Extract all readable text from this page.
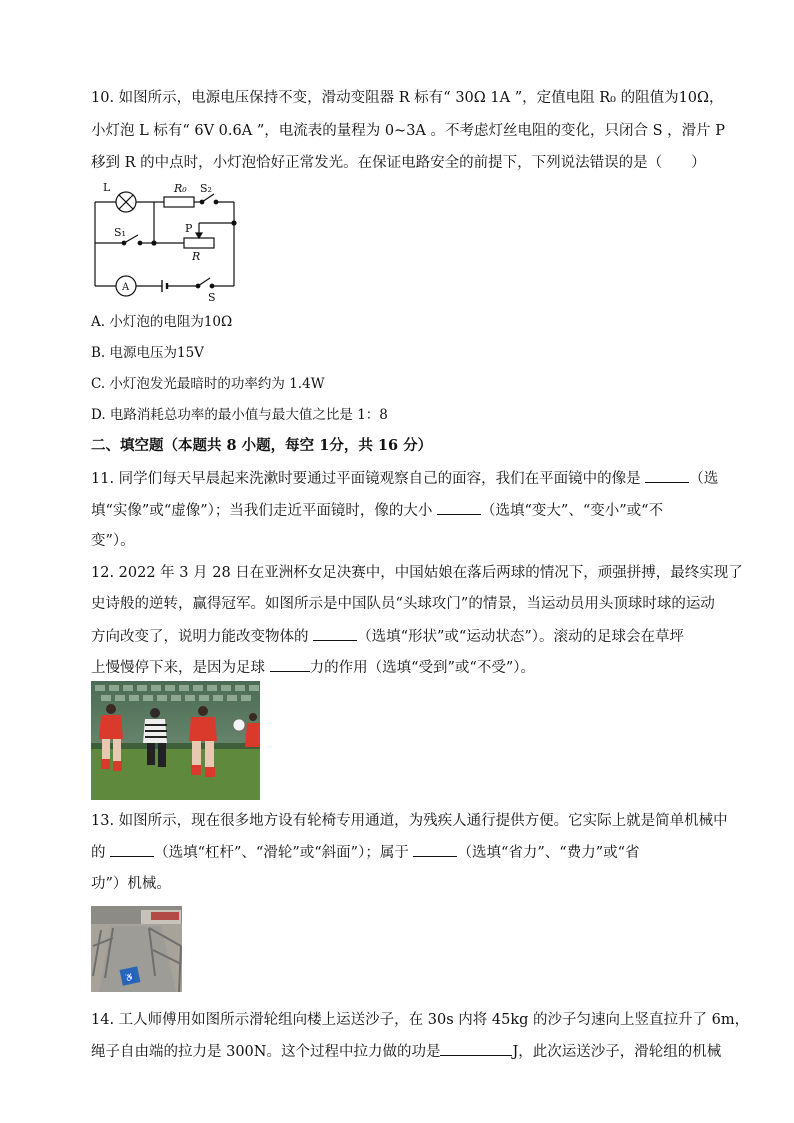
10. 如图所示，电源电压保持不变，滑动变阻器 R 标有“ 30Ω 1A ”，定值电阻 R₀ 的阻值为10Ω，
小灯泡 L 标有“ 6V 0.6A ”，电流表的量程为 0~3A 。不考虑灯丝电阻的变化，只闭合 S ，滑片 P
移到 R 的中点时，小灯泡恰好正常发光。在保证电路安全的前提下，下列说法错误的是（　　）
L	R₀ S₂
S₁	P
R
A
S
A. 小灯泡的电阻为10Ω
B. 电源电压为15V
C. 小灯泡发光最暗时的功率约为 1.4W
D. 电路消耗总功率的最小值与最大值之比是 1：8
二、填空题（本题共 8 小题，每空 1分，共 16 分）
11. 同学们每天早晨起来洗漱时要通过平面镜观察自己的面容，我们在平面镜中的像是	（选
填“实像”或“虚像”）；当我们走近平面镜时，像的大小	（选填“变大”、“变小”或“不
变”）。
12. 2022 年 3 月 28 日在亚洲杯女足决赛中，中国姑娘在落后两球的情况下，顽强拼搏，最终实现了
史诗般的逆转，赢得冠军。如图所示是中国队员“头球攻门”的情景，当运动员用头顶球时球的运动
方向改变了，说明力能改变物体的	（选填“形状”或“运动状态”）。滚动的足球会在草坪
上慢慢停下来，是因为足球	力的作用（选填“受到”或“不受”）。
13. 如图所示，现在很多地方设有轮椅专用通道，为残疾人通行提供方便。它实际上就是简单机械中
的	（选填“杠杆”、“滑轮”或“斜面”）；属于	（选填“省力”、“费力”或“省
功”）机械。
♿
14. 工人师傅用如图所示滑轮组向楼上运送沙子，在 30s 内将 45kg 的沙子匀速向上竖直拉升了 6m，
绳子自由端的拉力是 300N。这个过程中拉力做的功是	J，此次运送沙子，滑轮组的机械
